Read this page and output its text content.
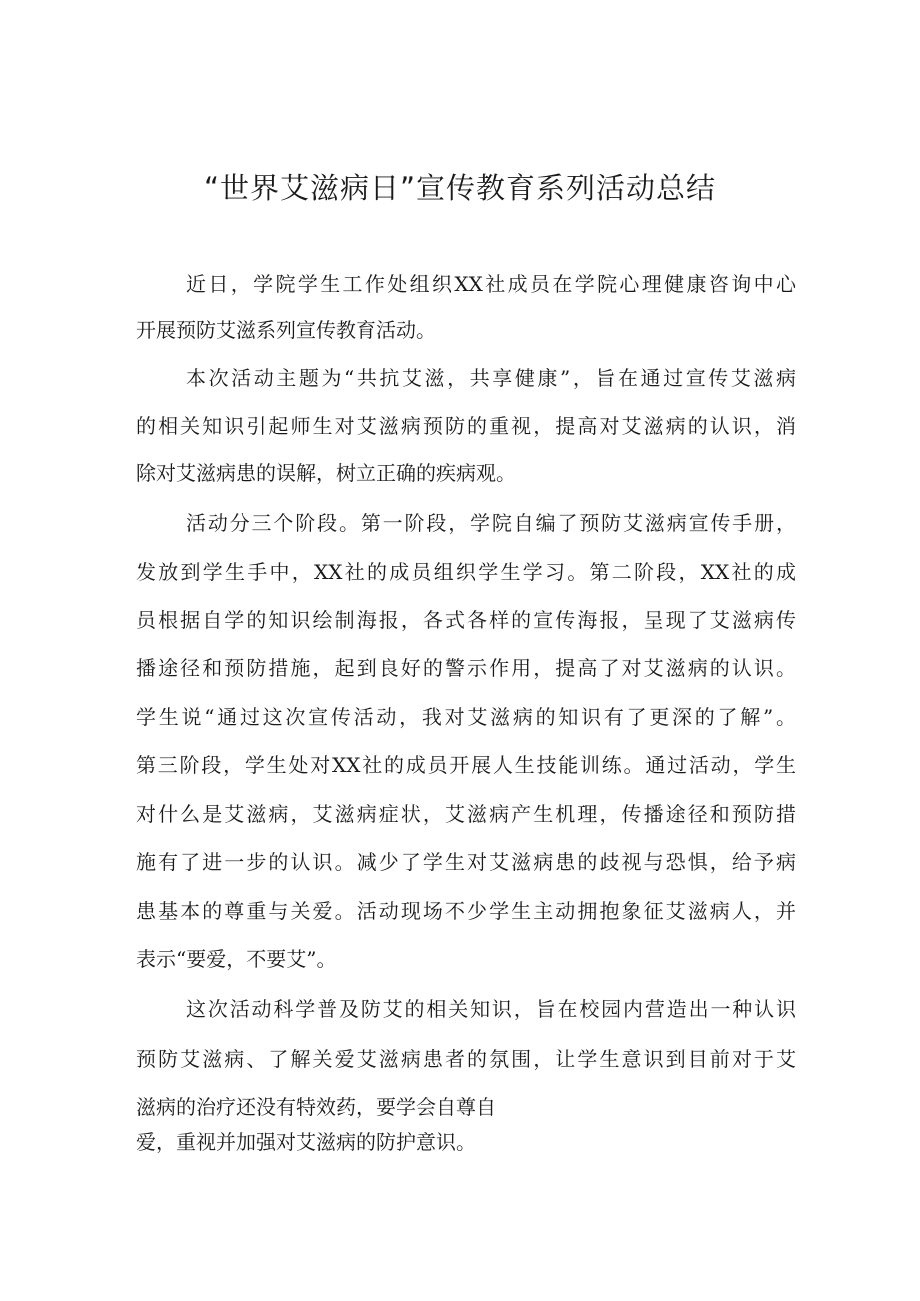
“世界艾滋病日”宣传教育系列活动总结

近日，学院学生工作处组织XX社成员在学院心理健康咨询中心

开展预防艾滋系列宣传教育活动。

本次活动主题为“共抗艾滋，共享健康”，旨在通过宣传艾滋病

的相关知识引起师生对艾滋病预防的重视，提高对艾滋病的认识，消

除对艾滋病患的误解，树立正确的疾病观。

活动分三个阶段。第一阶段，学院自编了预防艾滋病宣传手册，

发放到学生手中，XX社的成员组织学生学习。第二阶段，XX社的成

员根据自学的知识绘制海报，各式各样的宣传海报，呈现了艾滋病传

播途径和预防措施，起到良好的警示作用，提高了对艾滋病的认识。

学生说“通过这次宣传活动，我对艾滋病的知识有了更深的了解”。

第三阶段，学生处对XX社的成员开展人生技能训练。通过活动，学生

对什么是艾滋病，艾滋病症状，艾滋病产生机理，传播途径和预防措

施有了进一步的认识。减少了学生对艾滋病患的歧视与恐惧，给予病

患基本的尊重与关爱。活动现场不少学生主动拥抱象征艾滋病人，并

表示“要爱，不要艾”。

这次活动科学普及防艾的相关知识，旨在校园内营造出一种认识

预防艾滋病、了解关爱艾滋病患者的氛围，让学生意识到目前对于艾

滋病的治疗还没有特效药，要学会自尊自

爱，重视并加强对艾滋病的防护意识。
